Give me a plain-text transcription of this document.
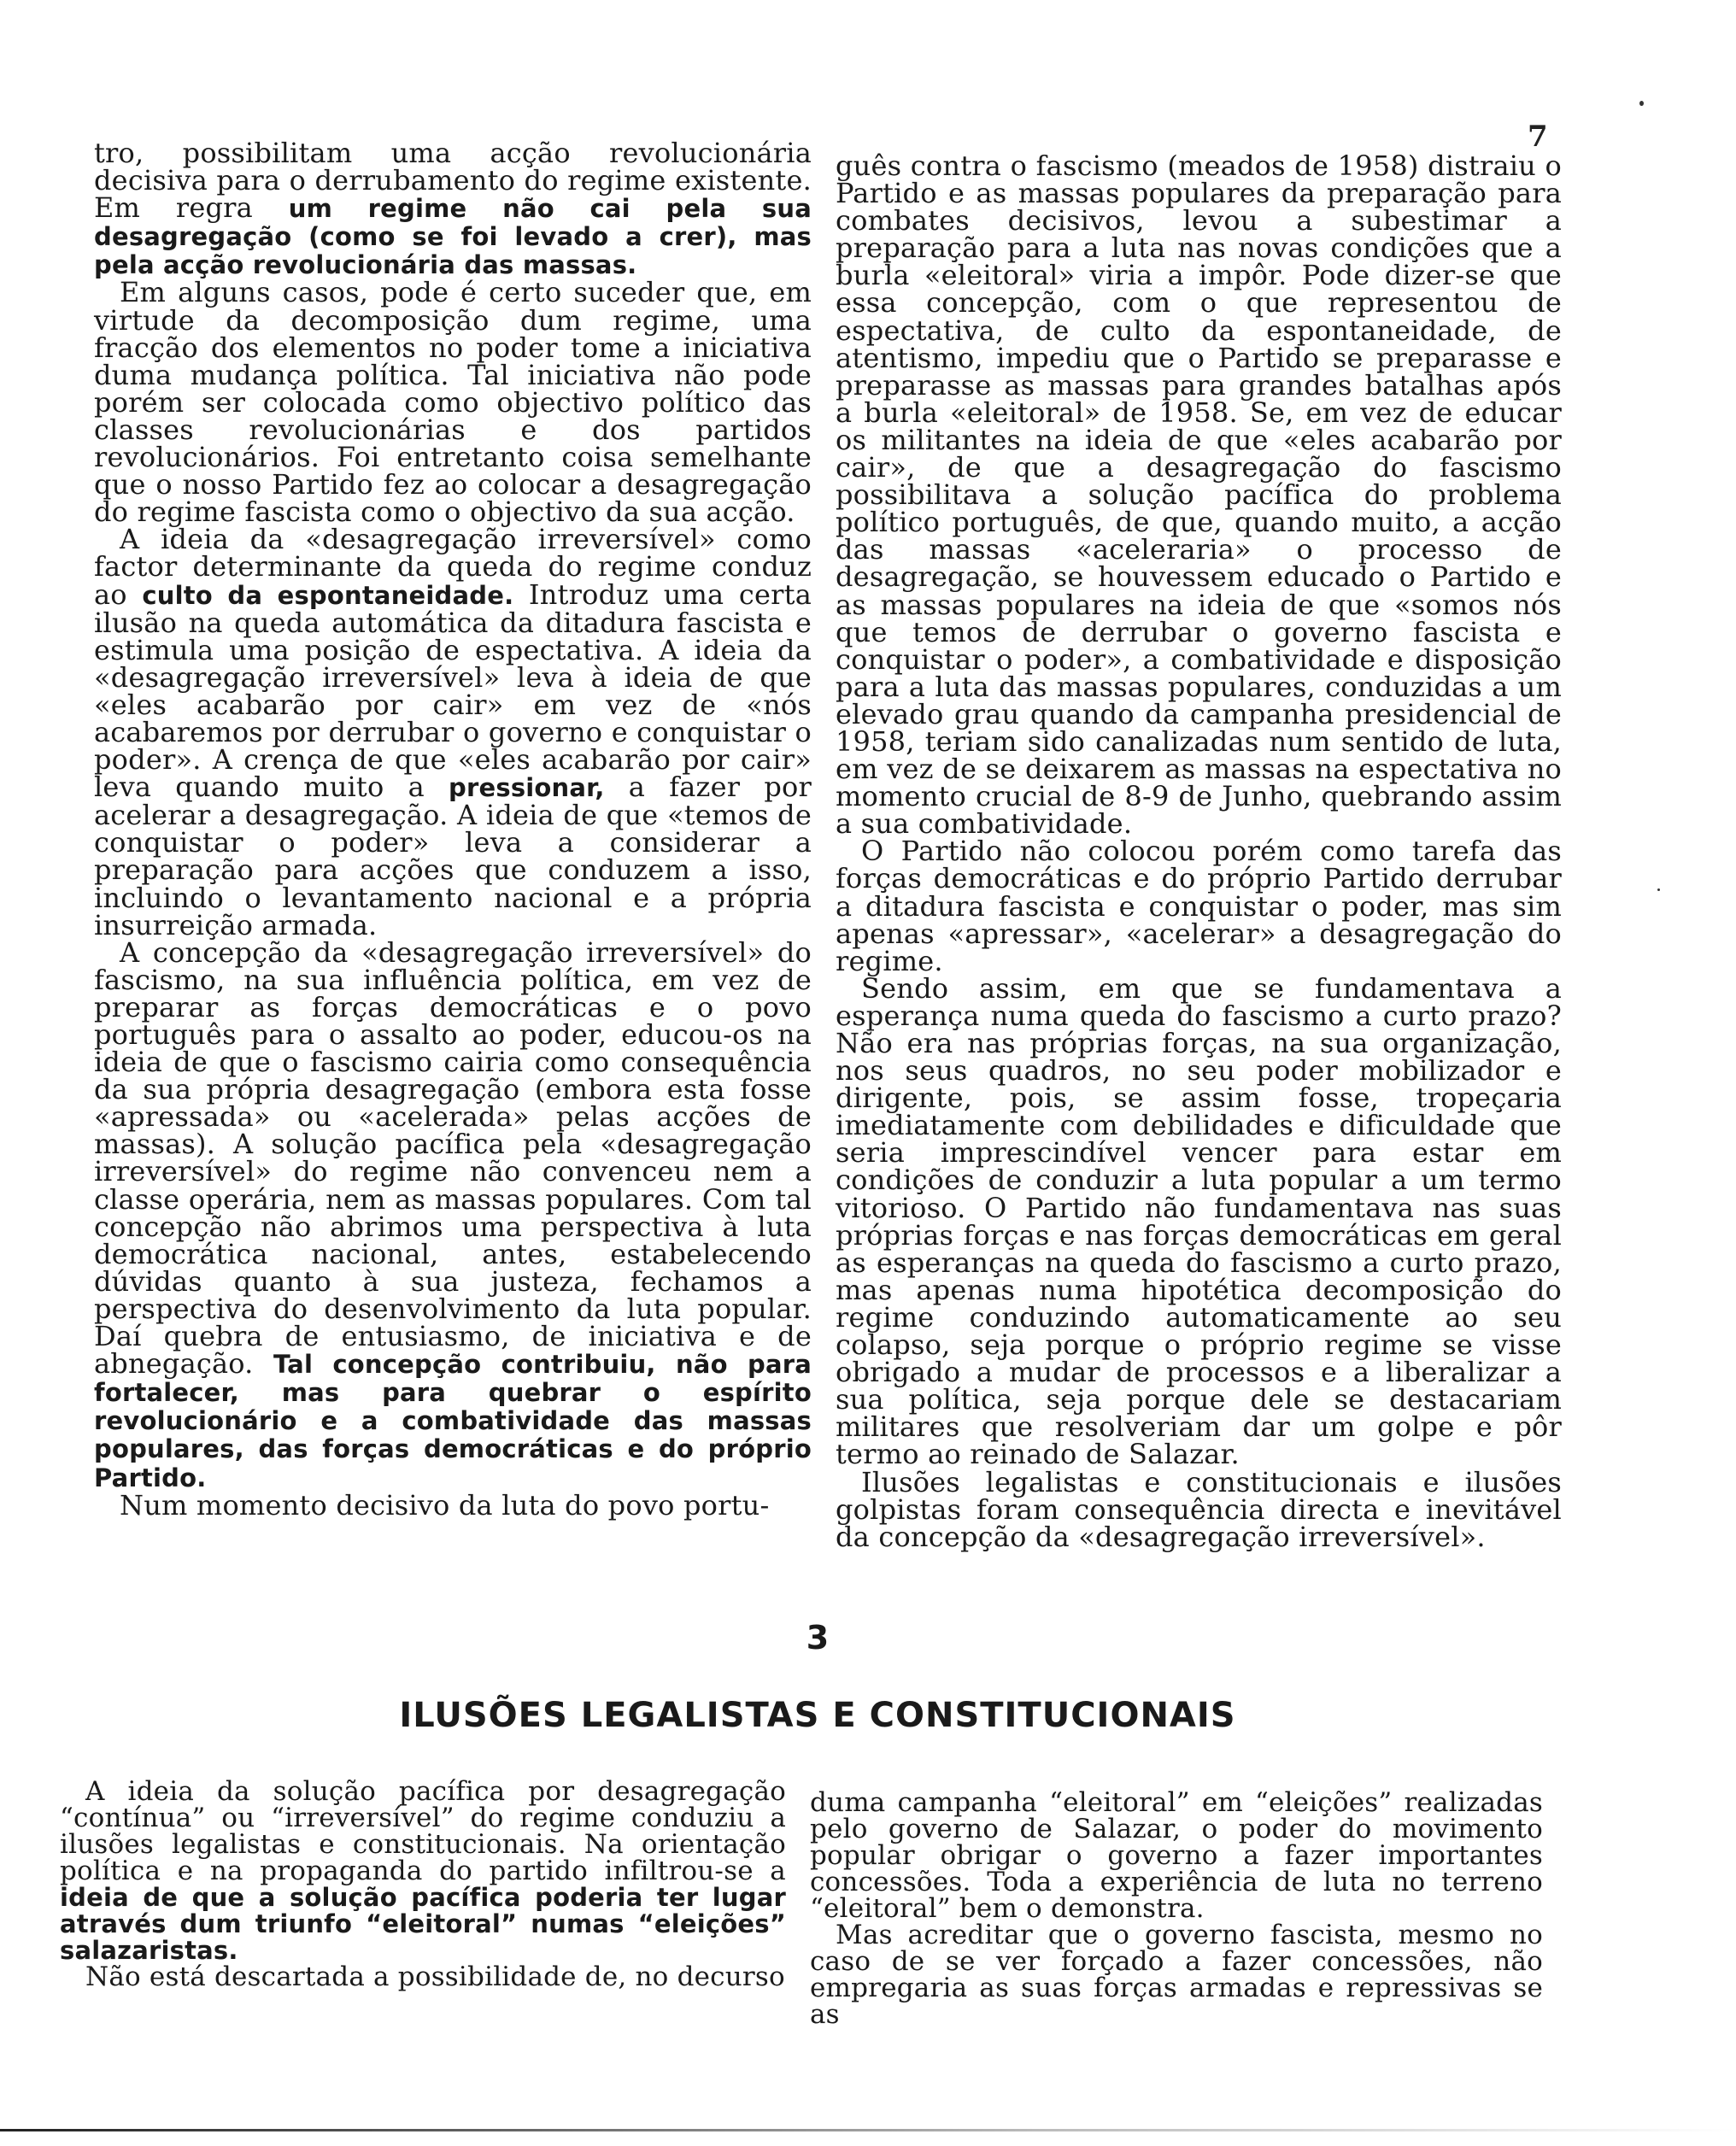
7

tro, possibilitam uma acção revolucionária decisiva para o derrubamento do regime existente. Em regra um regime não cai pela sua desagregação (como se foi levado a crer), mas pela acção revolucionária das massas.

Em alguns casos, pode é certo suceder que, em virtude da decomposição dum regime, uma fracção dos elementos no poder tome a iniciativa duma mudança política. Tal iniciativa não pode porém ser colocada como objectivo político das classes revolucionárias e dos partidos revolucionários. Foi entretanto coisa semelhante que o nosso Partido fez ao colocar a desagregação do regime fascista como o objectivo da sua acção.

A ideia da «desagregação irreversível» como factor determinante da queda do regime conduz ao culto da espontaneidade. Introduz uma certa ilusão na queda automática da ditadura fascista e estimula uma posição de espectativa. A ideia da «desagregação irreversível» leva à ideia de que «eles acabarão por cair» em vez de «nós acabaremos por derrubar o governo e conquistar o poder». A crença de que «eles acabarão por cair» leva quando muito a pressionar, a fazer por acelerar a desagregação. A ideia de que «temos de conquistar o poder» leva a considerar a preparação para acções que conduzem a isso, incluindo o levantamento nacional e a própria insurreição armada.

A concepção da «desagregação irreversível» do fascismo, na sua influência política, em vez de preparar as forças democráticas e o povo português para o assalto ao poder, educou-os na ideia de que o fascismo cairia como consequência da sua própria desagregação (embora esta fosse «apressada» ou «acelerada» pelas acções de massas). A solução pacífica pela «desagregação irreversível» do regime não convenceu nem a classe operária, nem as massas populares. Com tal concepção não abrimos uma perspectiva à luta democrática nacional, antes, estabelecendo dúvidas quanto à sua justeza, fechamos a perspectiva do desenvolvimento da luta popular. Daí quebra de entusiasmo, de iniciativa e de abnegação. Tal concepção contribuiu, não para fortalecer, mas para quebrar o espírito revolucionário e a combatividade das massas populares, das forças democráticas e do próprio Partido.

Num momento decisivo da luta do povo portu-

guês contra o fascismo (meados de 1958) distraiu o Partido e as massas populares da preparação para combates decisivos, levou a subestimar a preparação para a luta nas novas condições que a burla «eleitoral» viria a impôr. Pode dizer-se que essa concepção, com o que representou de espectativa, de culto da espontaneidade, de atentismo, impediu que o Partido se preparasse e preparasse as massas para grandes batalhas após a burla «eleitoral» de 1958. Se, em vez de educar os militantes na ideia de que «eles acabarão por cair», de que a desagregação do fascismo possibilitava a solução pacífica do problema político português, de que, quando muito, a acção das massas «aceleraria» o processo de desagregação, se houvessem educado o Partido e as massas populares na ideia de que «somos nós que temos de derrubar o governo fascista e conquistar o poder», a combatividade e disposição para a luta das massas populares, conduzidas a um elevado grau quando da campanha presidencial de 1958, teriam sido canalizadas num sentido de luta, em vez de se deixarem as massas na espectativa no momento crucial de 8-9 de Junho, quebrando assim a sua combatividade.

O Partido não colocou porém como tarefa das forças democráticas e do próprio Partido derrubar a ditadura fascista e conquistar o poder, mas sim apenas «apressar», «acelerar» a desagregação do regime.

Sendo assim, em que se fundamentava a esperança numa queda do fascismo a curto prazo? Não era nas próprias forças, na sua organização, nos seus quadros, no seu poder mobilizador e dirigente, pois, se assim fosse, tropeçaria imediatamente com debilidades e dificuldade que seria imprescindível vencer para estar em condições de conduzir a luta popular a um termo vitorioso. O Partido não fundamentava nas suas próprias forças e nas forças democráticas em geral as esperanças na queda do fascismo a curto prazo, mas apenas numa hipotética decomposição do regime conduzindo automaticamente ao seu colapso, seja porque o próprio regime se visse obrigado a mudar de processos e a liberalizar a sua política, seja porque dele se destacariam militares que resolveriam dar um golpe e pôr termo ao reinado de Salazar.

Ilusões legalistas e constitucionais e ilusões golpistas foram consequência directa e inevitável da concepção da «desagregação irreversível».

3
ILUSÕES LEGALISTAS E CONSTITUCIONAIS

A ideia da solução pacífica por desagregação “contínua” ou “irreversível” do regime conduziu a ilusões legalistas e constitucionais. Na orientação política e na propaganda do partido infiltrou-se a ideia de que a solução pacífica poderia ter lugar através dum triunfo “eleitoral” numas “eleições” salazaristas.

Não está descartada a possibilidade de, no decurso

duma campanha “eleitoral” em “eleições” realizadas pelo governo de Salazar, o poder do movimento popular obrigar o governo a fazer importantes concessões. Toda a experiência de luta no terreno “eleitoral” bem o demonstra.

Mas acreditar que o governo fascista, mesmo no caso de se ver forçado a fazer concessões, não empregaria as suas forças armadas e repressivas se as
